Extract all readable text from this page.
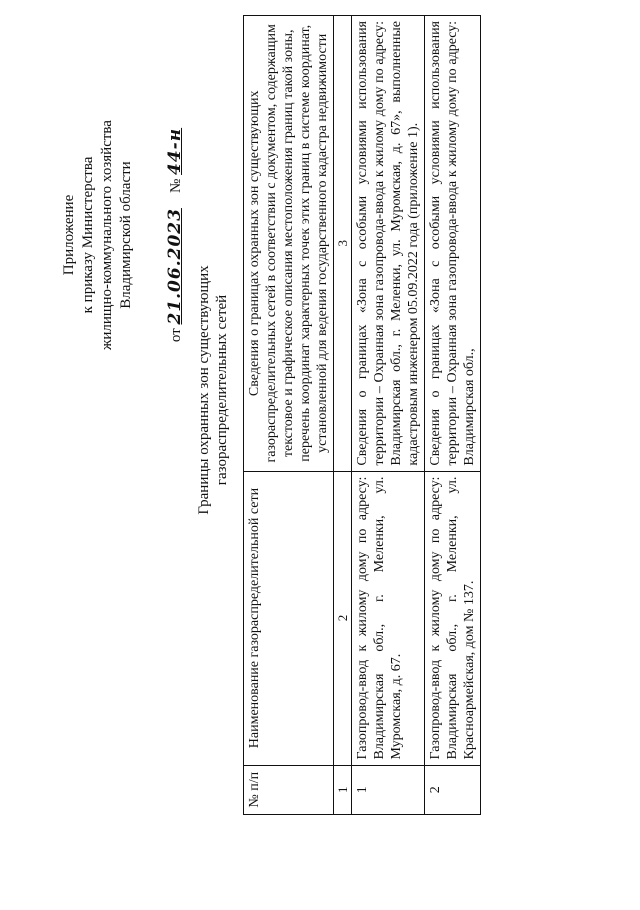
Приложение к приказу Министерства жилищно-коммунального хозяйства Владимирской области
от 21.06.2023    № 44-н
Границы охранных зон существующих газораспределительных сетей
№ п/п	Наименование газораспределительной сети	Сведения о границах охранных зон существующих газораспределительных сетей в соответствии с документом, содержащим текстовое и графическое описания местоположения границ такой зоны, перечень координат характерных точек этих границ в системе координат, установленной для ведения государственного кадастра недвижимости
1	2	3
1	Газопровод-ввод к жилому дому по адресу: Владимирская обл., г. Меленки, ул. Муромская, д. 67.	Сведения о границах «Зона с особыми условиями использования территории – Охранная зона газопровода-ввода к жилому дому по адресу: Владимирская обл., г. Меленки, ул. Муромская, д. 67», выполненные кадастровым инженером 05.09.2022 года (приложение 1).
2	Газопровод-ввод к жилому дому по адресу: Владимирская обл., г. Меленки, ул. Красноармейская, дом № 137.	Сведения о границах «Зона с особыми условиями использования территории – Охранная зона газопровода-ввода к жилому дому по адресу: Владимирская обл.,
